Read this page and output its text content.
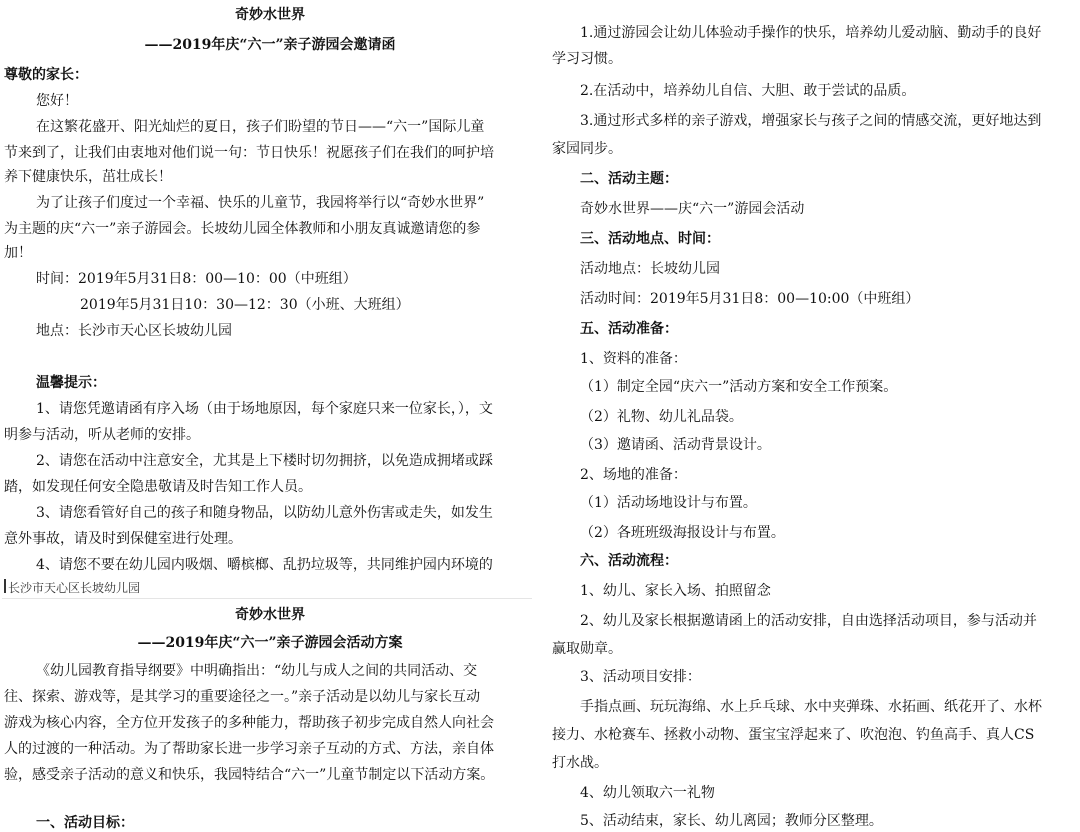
奇妙水世界
——2019年庆“六一”亲子游园会邀请函
尊敬的家长：
您好！
在这繁花盛开、阳光灿烂的夏日，孩子们盼望的节日——“六一”国际儿童
节来到了，让我们由衷地对他们说一句：节日快乐！祝愿孩子们在我们的呵护培
养下健康快乐，茁壮成长！
为了让孩子们度过一个幸福、快乐的儿童节，我园将举行以“奇妙水世界”
为主题的庆“六一”亲子游园会。长坡幼儿园全体教师和小朋友真诚邀请您的参
加！
时间：2019年5月31日8：00—10：00（中班组）
2019年5月31日10：30—12：30（小班、大班组）
地点：长沙市天心区长坡幼儿园
温馨提示：
1、请您凭邀请函有序入场（由于场地原因，每个家庭只来一位家长，），文
明参与活动，听从老师的安排。
2、请您在活动中注意安全，尤其是上下楼时切勿拥挤，以免造成拥堵或踩
踏，如发现任何安全隐患敬请及时告知工作人员。
3、请您看管好自己的孩子和随身物品，以防幼儿意外伤害或走失，如发生
意外事故，请及时到保健室进行处理。
4、请您不要在幼儿园内吸烟、嚼槟榔、乱扔垃圾等，共同维护园内环境的
长沙市天心区长坡幼儿园
奇妙水世界
——2019年庆“六一”亲子游园会活动方案
《幼儿园教育指导纲要》中明确指出：“幼儿与成人之间的共同活动、交
往、探索、游戏等，是其学习的重要途径之一。”亲子活动是以幼儿与家长互动
游戏为核心内容，全方位开发孩子的多种能力，帮助孩子初步完成自然人向社会
人的过渡的一种活动。为了帮助家长进一步学习亲子互动的方式、方法，亲自体
验，感受亲子活动的意义和快乐，我园特结合“六一”儿童节制定以下活动方案。
一、活动目标：
1.通过游园会让幼儿体验动手操作的快乐，培养幼儿爱动脑、勤动手的良好
学习习惯。
2.在活动中，培养幼儿自信、大胆、敢于尝试的品质。
3.通过形式多样的亲子游戏，增强家长与孩子之间的情感交流，更好地达到
家园同步。
二、活动主题：
奇妙水世界——庆“六一”游园会活动
三、活动地点、时间：
活动地点：长坡幼儿园
活动时间：2019年5月31日8：00—10:00（中班组）
五、活动准备：
1、资料的准备：
（1）制定全园“庆六一”活动方案和安全工作预案。
（2）礼物、幼儿礼品袋。
（3）邀请函、活动背景设计。
2、场地的准备：
（1）活动场地设计与布置。
（2）各班班级海报设计与布置。
六、活动流程：
1、幼儿、家长入场、拍照留念
2、幼儿及家长根据邀请函上的活动安排，自由选择活动项目，参与活动并
赢取勋章。
3、活动项目安排：
手指点画、玩玩海绵、水上乒乓球、水中夹弹珠、水拓画、纸花开了、水杯
接力、水枪赛车、拯救小动物、蛋宝宝浮起来了、吹泡泡、钓鱼高手、真人CS
打水战。
4、幼儿领取六一礼物
5、活动结束，家长、幼儿离园；教师分区整理。
